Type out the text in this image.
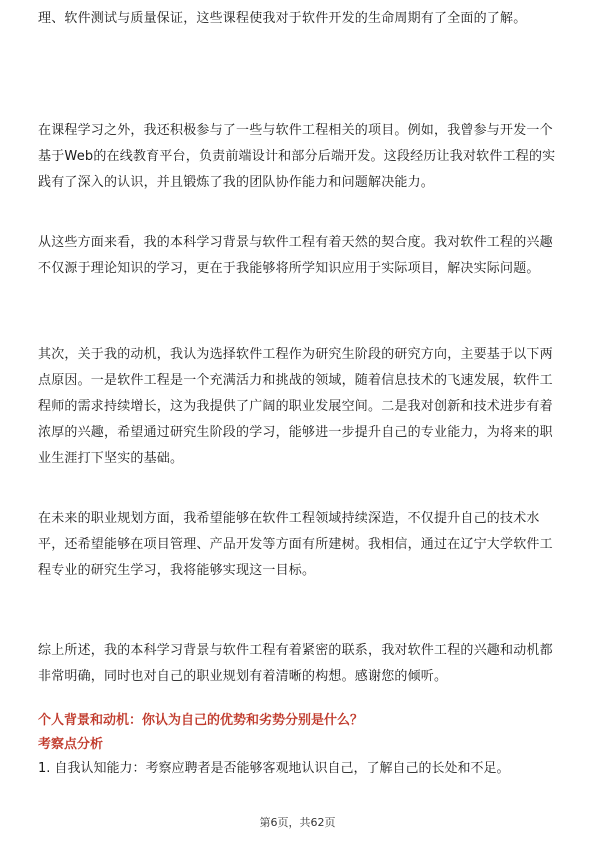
理、软件测试与质量保证，这些课程使我对于软件开发的生命周期有了全面的了解。

在课程学习之外，我还积极参与了一些与软件工程相关的项目。例如，我曾参与开发一个基于Web的在线教育平台，负责前端设计和部分后端开发。这段经历让我对软件工程的实践有了深入的认识，并且锻炼了我的团队协作能力和问题解决能力。

从这些方面来看，我的本科学习背景与软件工程有着天然的契合度。我对软件工程的兴趣不仅源于理论知识的学习，更在于我能够将所学知识应用于实际项目，解决实际问题。

其次，关于我的动机，我认为选择软件工程作为研究生阶段的研究方向，主要基于以下两点原因。一是软件工程是一个充满活力和挑战的领域，随着信息技术的飞速发展，软件工程师的需求持续增长，这为我提供了广阔的职业发展空间。二是我对创新和技术进步有着浓厚的兴趣，希望通过研究生阶段的学习，能够进一步提升自己的专业能力，为将来的职业生涯打下坚实的基础。

在未来的职业规划方面，我希望能够在软件工程领域持续深造，不仅提升自己的技术水平，还希望能够在项目管理、产品开发等方面有所建树。我相信，通过在辽宁大学软件工程专业的研究生学习，我将能够实现这一目标。

综上所述，我的本科学习背景与软件工程有着紧密的联系，我对软件工程的兴趣和动机都非常明确，同时也对自己的职业规划有着清晰的构想。感谢您的倾听。

个人背景和动机：你认为自己的优势和劣势分别是什么？

考察点分析

1. 自我认知能力：考察应聘者是否能够客观地认识自己，了解自己的长处和不足。

第6页，共62页
